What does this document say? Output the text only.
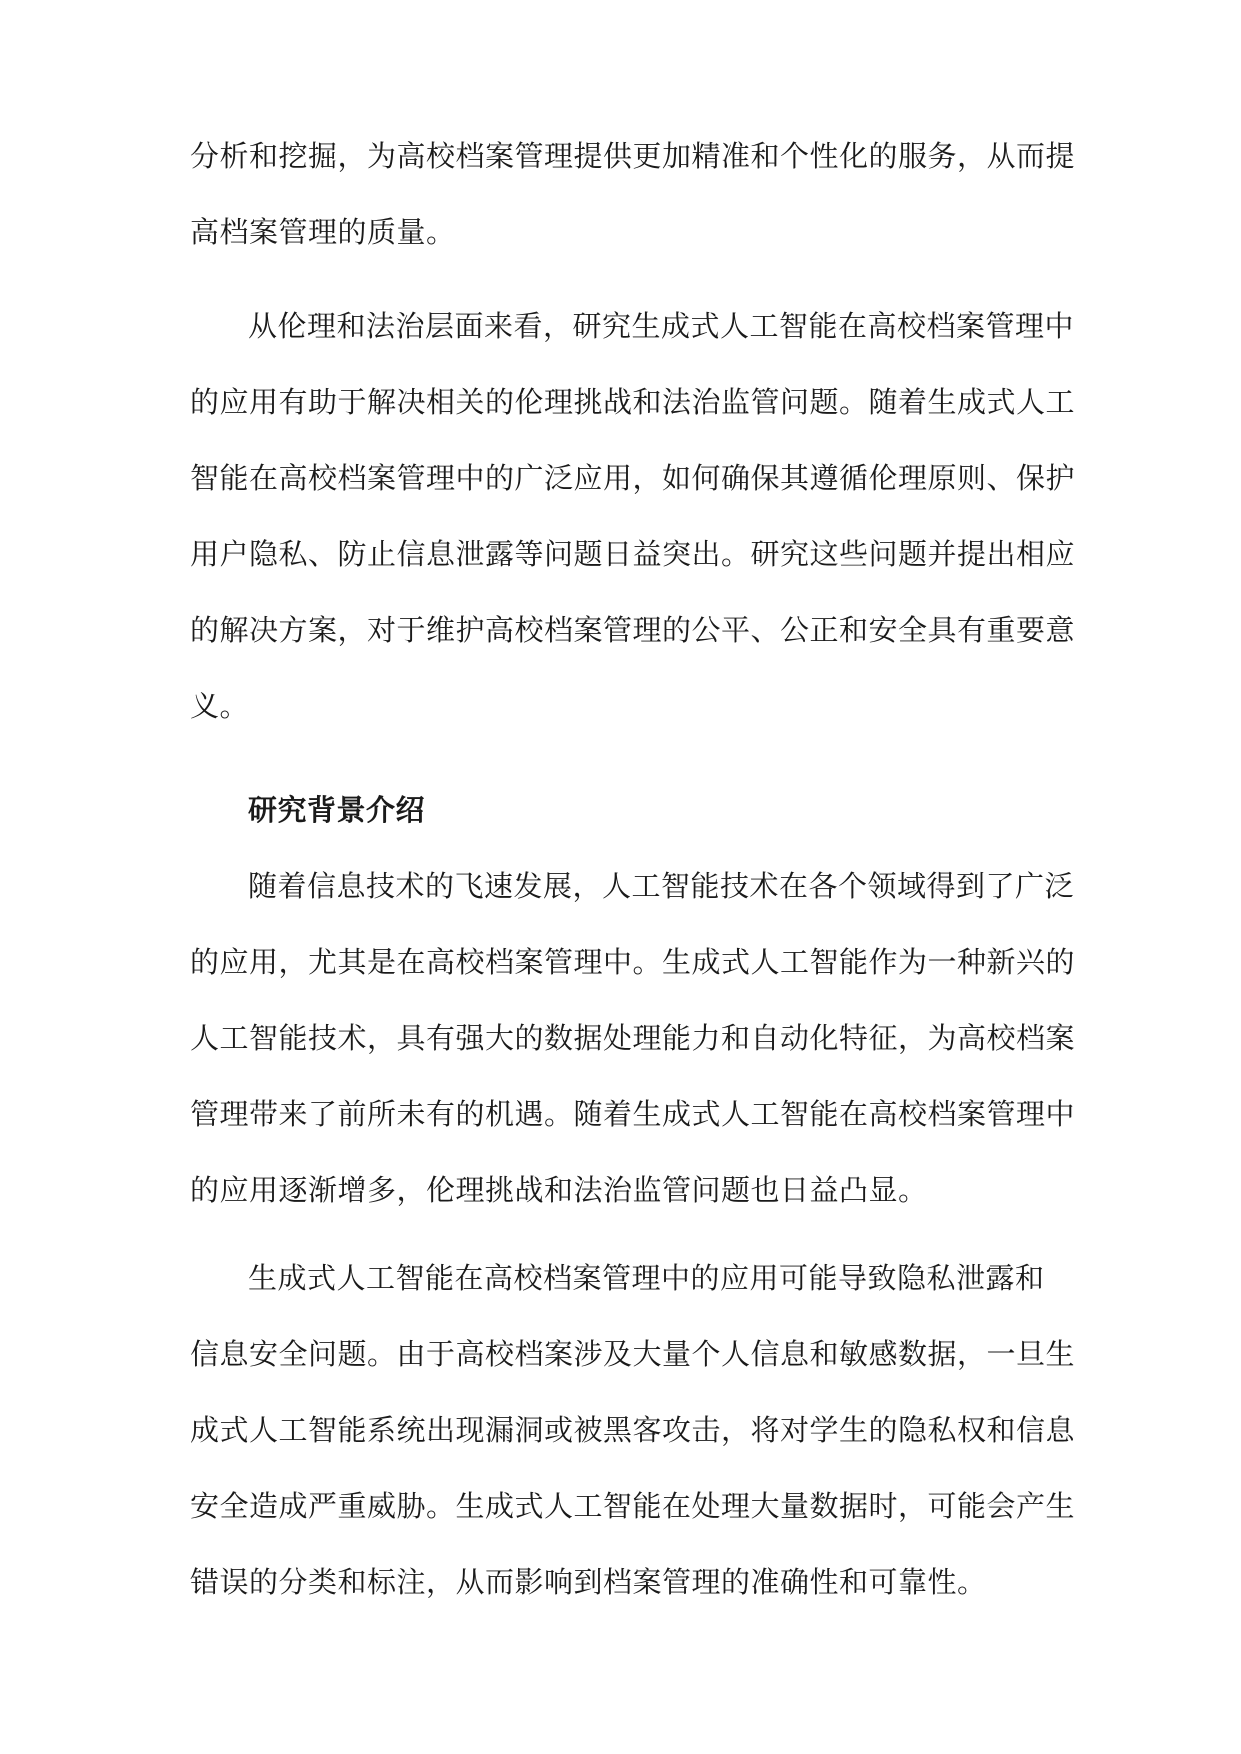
分析和挖掘，为高校档案管理提供更加精准和个性化的服务，从而提
高档案管理的质量。
从伦理和法治层面来看，研究生成式人工智能在高校档案管理中
的应用有助于解决相关的伦理挑战和法治监管问题。随着生成式人工
智能在高校档案管理中的广泛应用，如何确保其遵循伦理原则、保护
用户隐私、防止信息泄露等问题日益突出。研究这些问题并提出相应
的解决方案，对于维护高校档案管理的公平、公正和安全具有重要意
义。
研究背景介绍
随着信息技术的飞速发展，人工智能技术在各个领域得到了广泛
的应用，尤其是在高校档案管理中。生成式人工智能作为一种新兴的
人工智能技术，具有强大的数据处理能力和自动化特征，为高校档案
管理带来了前所未有的机遇。随着生成式人工智能在高校档案管理中
的应用逐渐增多，伦理挑战和法治监管问题也日益凸显。
生成式人工智能在高校档案管理中的应用可能导致隐私泄露和
信息安全问题。由于高校档案涉及大量个人信息和敏感数据，一旦生
成式人工智能系统出现漏洞或被黑客攻击，将对学生的隐私权和信息
安全造成严重威胁。生成式人工智能在处理大量数据时，可能会产生
错误的分类和标注，从而影响到档案管理的准确性和可靠性。
